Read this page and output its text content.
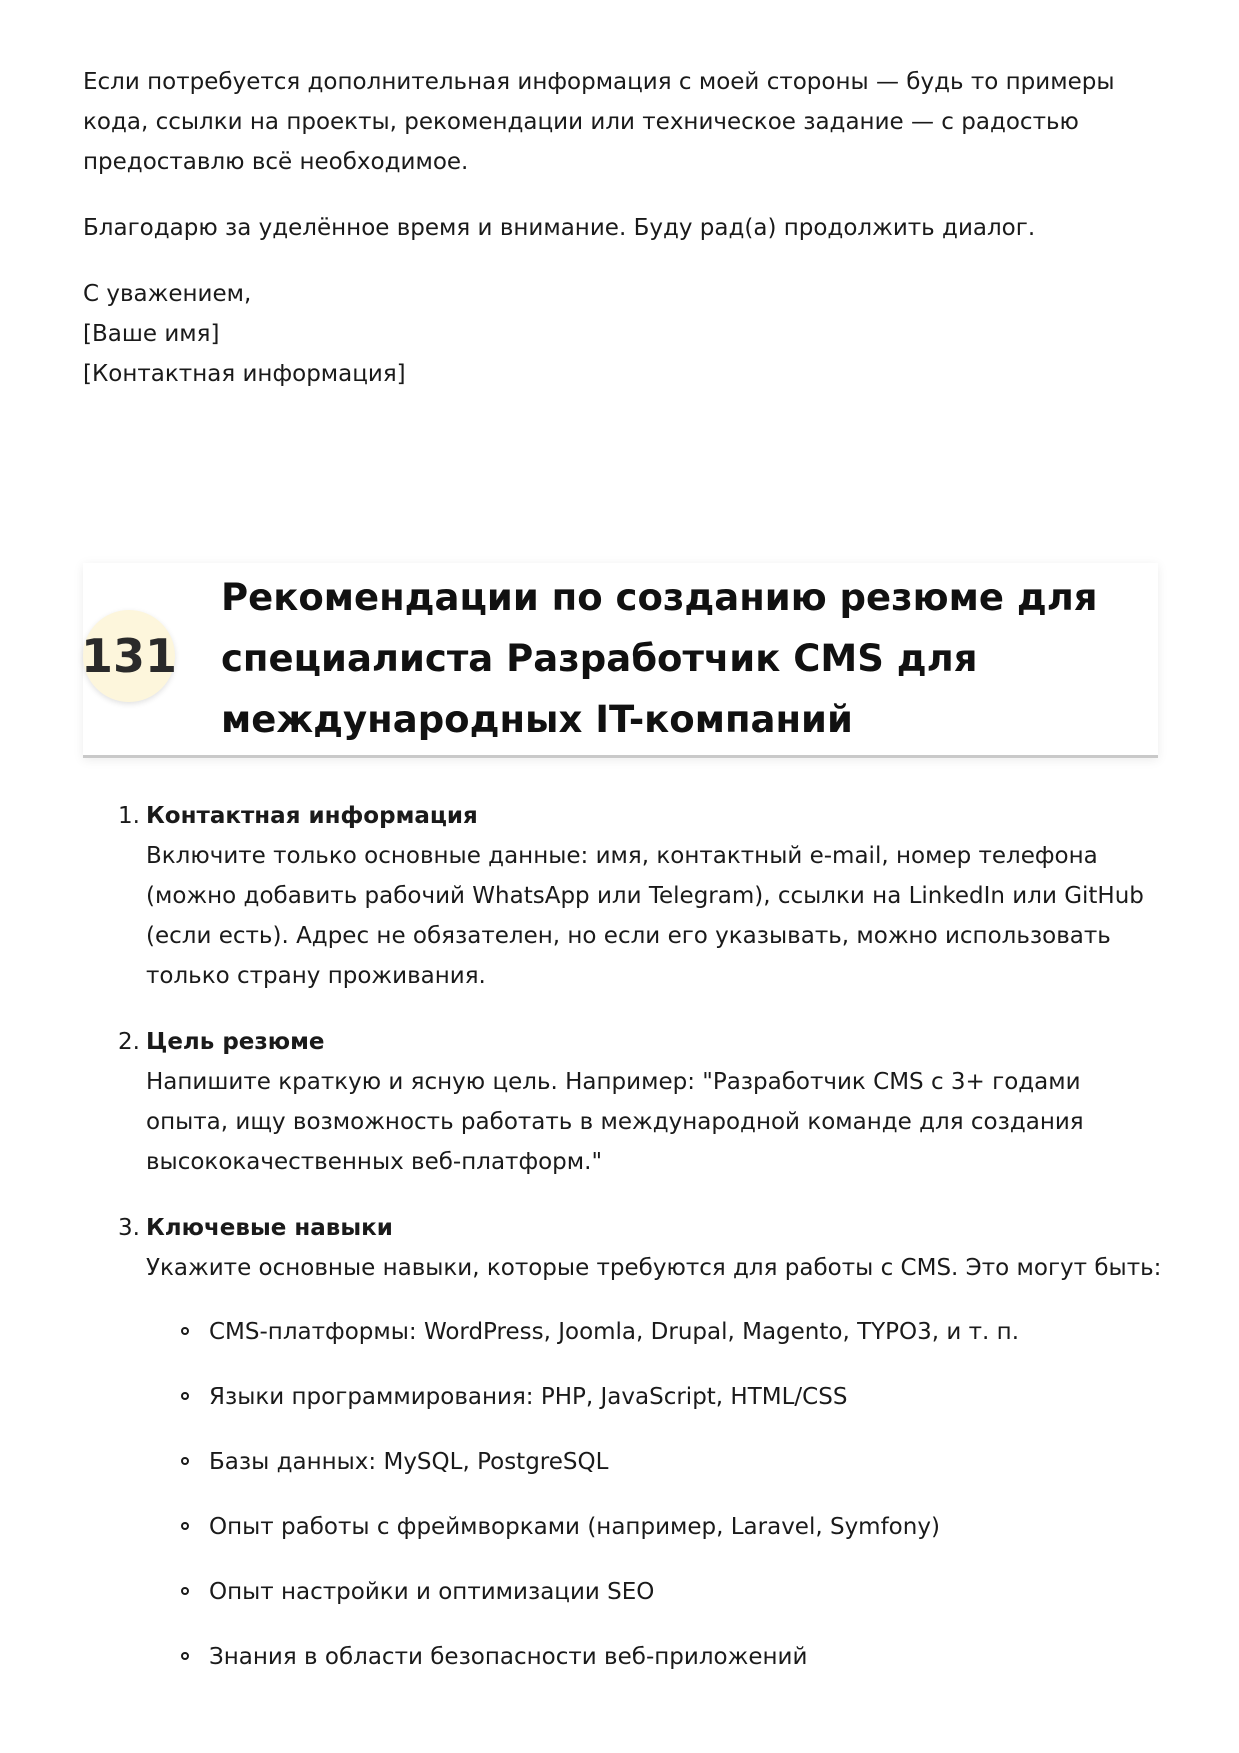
Если потребуется дополнительная информация с моей стороны — будь то примеры кода, ссылки на проекты, рекомендации или техническое задание — с радостью предоставлю всё необходимое.

Благодарю за уделённое время и внимание. Буду рад(а) продолжить диалог.

С уважением,
[Ваше имя]
[Контактная информация]
131
Рекомендации по созданию резюме для специалиста Разработчик CMS для международных IT-компаний
1. Контактная информация
Включите только основные данные: имя, контактный e-mail, номер телефона (можно добавить рабочий WhatsApp или Telegram), ссылки на LinkedIn или GitHub (если есть). Адрес не обязателен, но если его указывать, можно использовать только страну проживания.
2. Цель резюме
Напишите краткую и ясную цель. Например: "Разработчик CMS с 3+ годами опыта, ищу возможность работать в международной команде для создания высококачественных веб-платформ."
3. Ключевые навыки
Укажите основные навыки, которые требуются для работы с CMS. Это могут быть:
CMS-платформы: WordPress, Joomla, Drupal, Magento, TYPO3, и т. п.
Языки программирования: PHP, JavaScript, HTML/CSS
Базы данных: MySQL, PostgreSQL
Опыт работы с фреймворками (например, Laravel, Symfony)
Опыт настройки и оптимизации SEO
Знания в области безопасности веб-приложений
